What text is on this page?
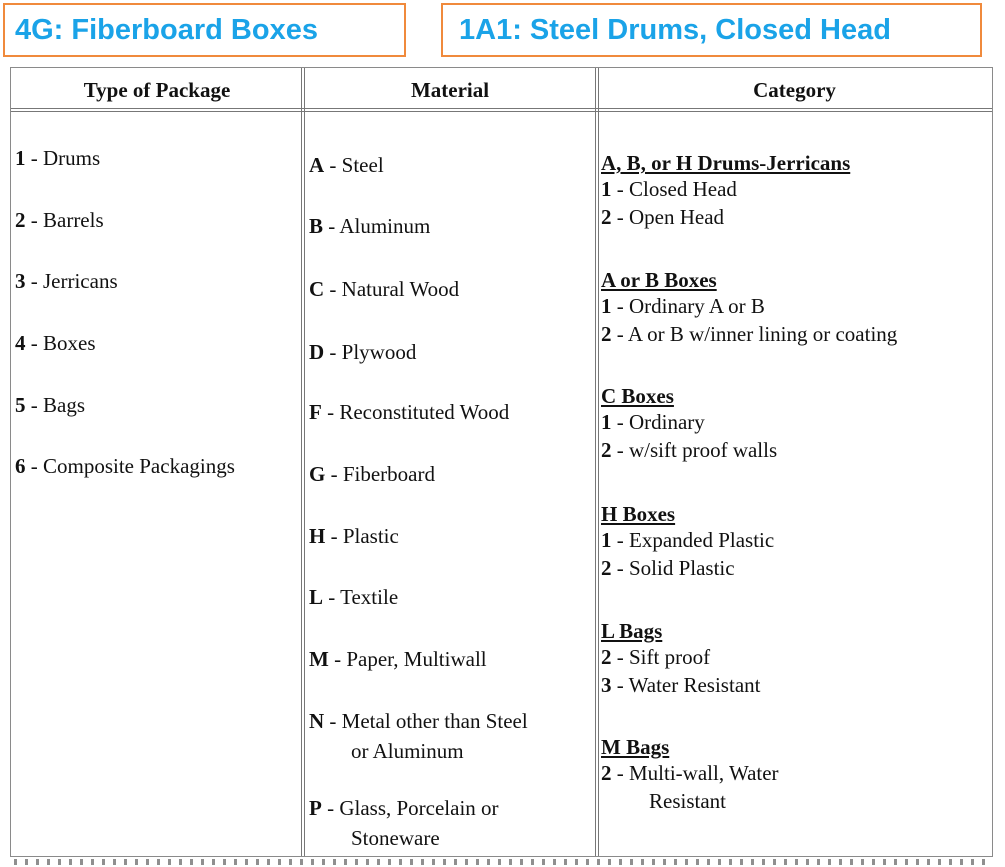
4G: Fiberboard Boxes	1A1: Steel Drums, Closed Head
Type of Package
1 - Drums
2 - Barrels
3 - Jerricans
4 - Boxes
5 - Bags
6 - Composite Packagings
Material
A - Steel
B - Aluminum
C - Natural Wood
D - Plywood
F - Reconstituted Wood
G - Fiberboard
H - Plastic
L - Textile
M - Paper, Multiwall
N - Metal other than Steel
or Aluminum
P - Glass, Porcelain or
Stoneware
Category
A, B, or H Drums-Jerricans
1 - Closed Head
2 - Open Head
A or B Boxes
1 - Ordinary A or B
2 - A or B w/inner lining or coating
C Boxes
1 - Ordinary
2 - w/sift proof walls
H Boxes
1 - Expanded Plastic
2 - Solid Plastic
L Bags
2 - Sift proof
3 - Water Resistant
M Bags
2 - Multi-wall, Water
Resistant
